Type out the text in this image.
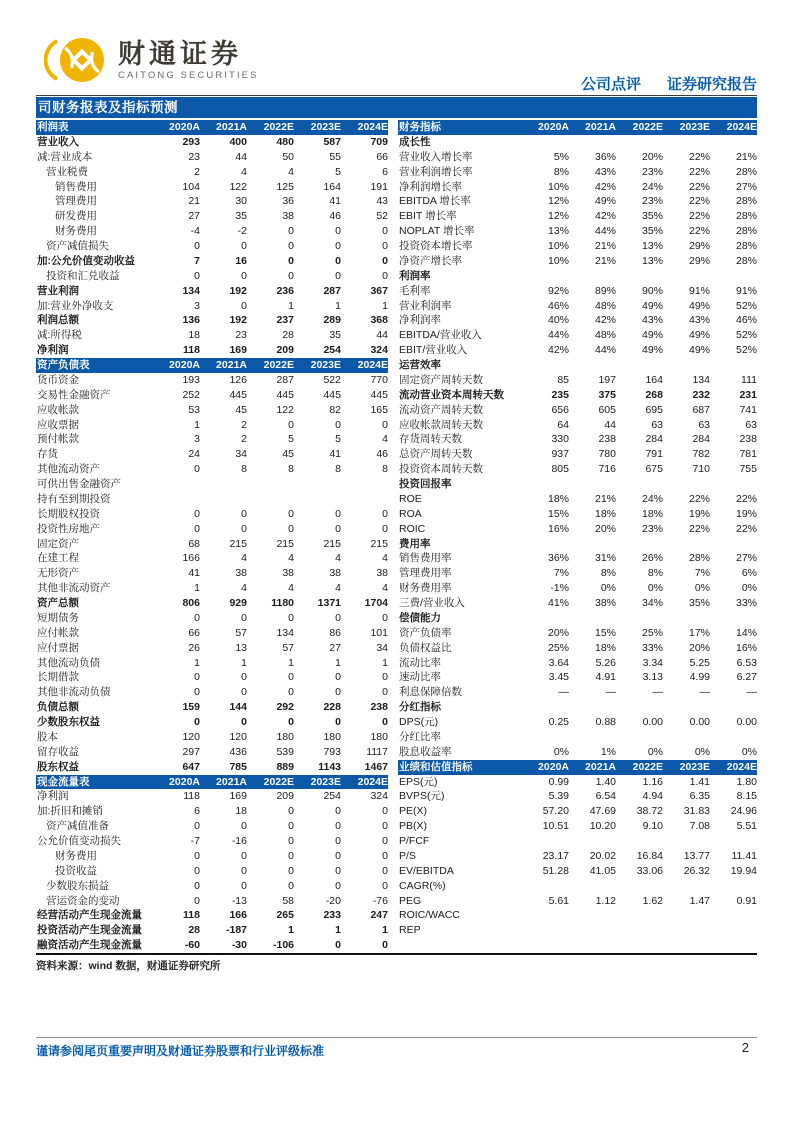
财通证券
CAITONG SECURITIES
公司点评 证券研究报告
司财务报表及指标预测
利润表	2020A	2021A	2022E	2023E	2024E
营业收入	293	400	480	587	709
减:营业成本	23	44	50	55	66
营业税费	2	4	4	5	6
销售费用	104	122	125	164	191
管理费用	21	30	36	41	43
研发费用	27	35	38	46	52
财务费用	-4	-2	0	0	0
资产减值损失	0	0	0	0	0
加:公允价值变动收益	7	16	0	0	0
投资和汇兑收益	0	0	0	0	0
营业利润	134	192	236	287	367
加:营业外净收支	3	0	1	1	1
利润总额	136	192	237	289	368
减:所得税	18	23	28	35	44
净利润	118	169	209	254	324
资产负债表	2020A	2021A	2022E	2023E	2024E
货币资金	193	126	287	522	770
交易性金融资产	252	445	445	445	445
应收帐款	53	45	122	82	165
应收票据	1	2	0	0	0
预付帐款	3	2	5	5	4
存货	24	34	45	41	46
其他流动资产	0	8	8	8	8
可供出售金融资产
持有至到期投资
长期股权投资	0	0	0	0	0
投资性房地产	0	0	0	0	0
固定资产	68	215	215	215	215
在建工程	166	4	4	4	4
无形资产	41	38	38	38	38
其他非流动资产	1	4	4	4	4
资产总额	806	929	1180	1371	1704
短期债务	0	0	0	0	0
应付帐款	66	57	134	86	101
应付票据	26	13	57	27	34
其他流动负债	1	1	1	1	1
长期借款	0	0	0	0	0
其他非流动负债	0	0	0	0	0
负债总额	159	144	292	228	238
少数股东权益	0	0	0	0	0
股本	120	120	180	180	180
留存收益	297	436	539	793	1117
股东权益	647	785	889	1143	1467
现金流量表	2020A	2021A	2022E	2023E	2024E
净利润	118	169	209	254	324
加:折旧和摊销	6	18	0	0	0
资产减值准备	0	0	0	0	0
公允价值变动损失	-7	-16	0	0	0
财务费用	0	0	0	0	0
投资收益	0	0	0	0	0
少数股东损益	0	0	0	0	0
营运资金的变动	0	-13	58	-20	-76
经营活动产生现金流量	118	166	265	233	247
投资活动产生现金流量	28	-187	1	1	1
融资活动产生现金流量	-60	-30	-106	0	0
财务指标	2020A	2021A	2022E	2023E	2024E
成长性
营业收入增长率	5%	36%	20%	22%	21%
营业利润增长率	8%	43%	23%	22%	28%
净利润增长率	10%	42%	24%	22%	27%
EBITDA 增长率	12%	49%	23%	22%	28%
EBIT 增长率	12%	42%	35%	22%	28%
NOPLAT 增长率	13%	44%	35%	22%	28%
投资资本增长率	10%	21%	13%	29%	28%
净资产增长率	10%	21%	13%	29%	28%
利润率
毛利率	92%	89%	90%	91%	91%
营业利润率	46%	48%	49%	49%	52%
净利润率	40%	42%	43%	43%	46%
EBITDA/营业收入	44%	48%	49%	49%	52%
EBIT/营业收入	42%	44%	49%	49%	52%
运营效率
固定资产周转天数	85	197	164	134	111
流动营业资本周转天数	235	375	268	232	231
流动资产周转天数	656	605	695	687	741
应收帐款周转天数	64	44	63	63	63
存货周转天数	330	238	284	284	238
总资产周转天数	937	780	791	782	781
投资资本周转天数	805	716	675	710	755
投资回报率
ROE	18%	21%	24%	22%	22%
ROA	15%	18%	18%	19%	19%
ROIC	16%	20%	23%	22%	22%
费用率
销售费用率	36%	31%	26%	28%	27%
管理费用率	7%	8%	8%	7%	6%
财务费用率	-1%	0%	0%	0%	0%
三费/营业收入	41%	38%	34%	35%	33%
偿债能力
资产负债率	20%	15%	25%	17%	14%
负债权益比	25%	18%	33%	20%	16%
流动比率	3.64	5.26	3.34	5.25	6.53
速动比率	3.45	4.91	3.13	4.99	6.27
利息保障倍数	—	—	—	—	—
分红指标
DPS(元)	0.25	0.88	0.00	0.00	0.00
分红比率
股息收益率	0%	1%	0%	0%	0%
业绩和估值指标	2020A	2021A	2022E	2023E	2024E
EPS(元)	0.99	1.40	1.16	1.41	1.80
BVPS(元)	5.39	6.54	4.94	6.35	8.15
PE(X)	57.20	47.69	38.72	31.83	24.96
PB(X)	10.51	10.20	9.10	7.08	5.51
P/FCF
P/S	23.17	20.02	16.84	13.77	11.41
EV/EBITDA	51.28	41.05	33.06	26.32	19.94
CAGR(%)
PEG	5.61	1.12	1.62	1.47	0.91
ROIC/WACC
REP
资料来源：wind 数据，财通证券研究所
谨请参阅尾页重要声明及财通证券股票和行业评级标准	2
